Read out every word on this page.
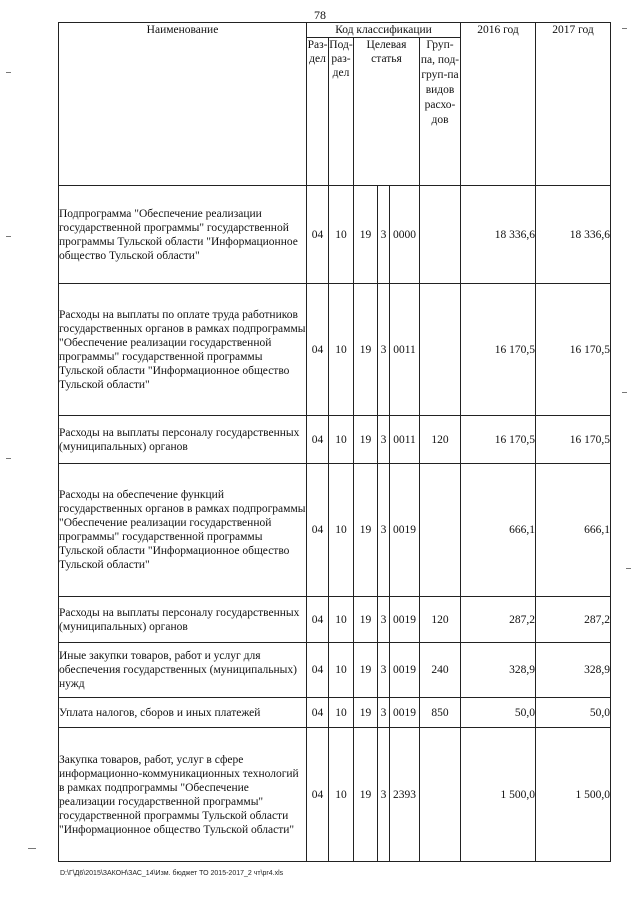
78
Наименование	Код классификации						2016 год	2017 год
	Раз-дел	Под-раз-дел	Целевая статья			Груп-па, под-груп-па видов расхо-дов		
Подпрограмма "Обеспечение реализации государственной программы" государственной программы Тульской области "Информационное общество Тульской области"	04	10	19	3	0000		18 336,6	18 336,6
Расходы на выплаты по оплате труда работников государственных органов в рамках подпрограммы "Обеспечение реализации государственной программы" государственной программы Тульской области "Информационное общество Тульской области"	04	10	19	3	0011		16 170,5	16 170,5
Расходы на выплаты персоналу государственных (муниципальных) органов	04	10	19	3	0011	120	16 170,5	16 170,5
Расходы на обеспечение функций государственных органов в рамках подпрограммы "Обеспечение реализации государственной программы" государственной программы Тульской области "Информационное общество Тульской области"	04	10	19	3	0019		666,1	666,1
Расходы на выплаты персоналу государственных (муниципальных) органов	04	10	19	3	0019	120	287,2	287,2
Иные закупки товаров, работ и услуг для обеспечения государственных (муниципальных) нужд	04	10	19	3	0019	240	328,9	328,9
Уплата налогов, сборов и иных платежей	04	10	19	3	0019	850	50,0	50,0
Закупка товаров, работ, услуг в сфере информационно-коммуникационных технологий в рамках подпрограммы "Обеспечение реализации государственной программы" государственной программы Тульской области "Информационное общество Тульской области"	04	10	19	3	2393		1 500,0	1 500,0
D:\Г\Д6\2015\ЗАКОН\ЗАС_14\Изм. бюджет ТО 2015-2017_2 чт\pr4.xls
